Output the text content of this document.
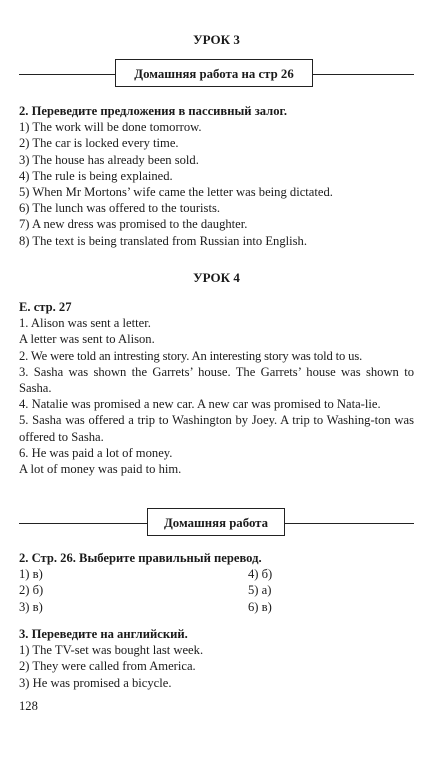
УРОК 3
Домашняя работа на стр 26

2. Переведите предложения в пассивный залог.

1) The work will be done tomorrow.

2) The car is locked every time.

3) The house has already been sold.

4) The rule is being explained.

5) When Mr Mortons’ wife came the letter was being dictated.

6) The lunch was offered to the tourists.

7) A new dress was promised to the daughter.

8) The text is being translated from Russian into English.

УРОК 4

E. стр. 27

1. Alison was sent a letter.

A letter was sent to Alison.

2. We were told an intresting story. An interesting story was told to us.

3. Sasha was shown the Garrets’ house. The Garrets’ house was shown to Sasha.

4. Natalie was promised a new car. A new car was promised to Nata-lie.

5. Sasha was offered a trip to Washington by Joey. A trip to Washing-ton was offered to Sasha.

6. He was paid a lot of money.

A lot of money was paid to him.

Домашняя работа

2. Стр. 26. Выберите правильный перевод.

1) в)	4) б)
2) б)	5) а)
3) в)	6) в)

3. Переведите на английский.

1) The TV-set was bought last week.

2) They were called from America.

3) He was promised a bicycle.

128
